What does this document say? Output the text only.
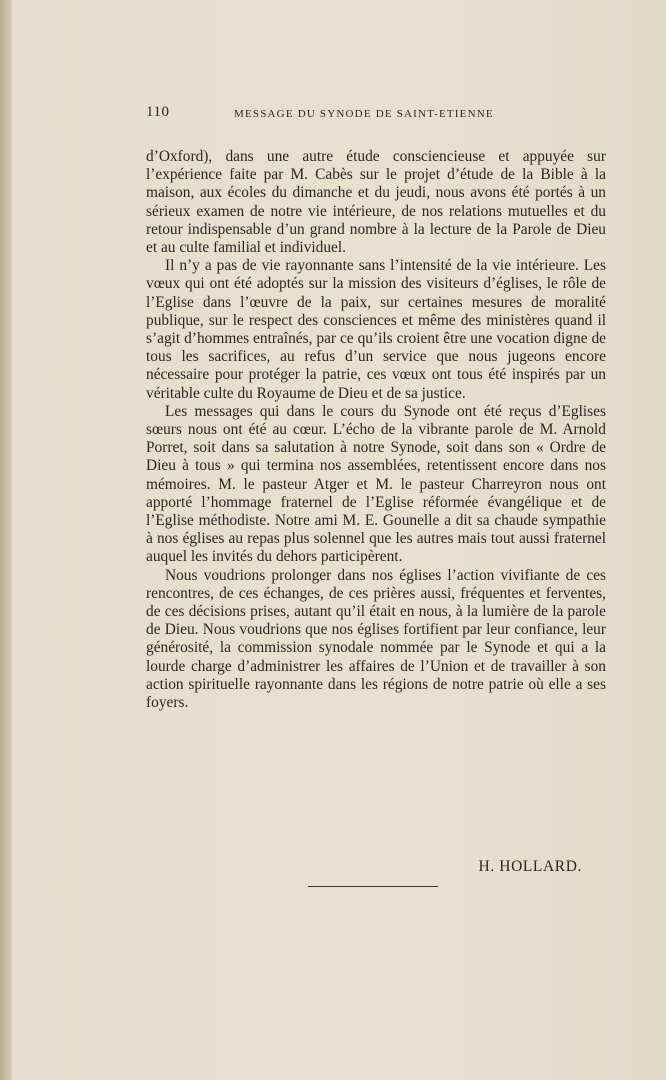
110	MESSAGE DU SYNODE DE SAINT-ETIENNE

d’Oxford), dans une autre étude consciencieuse et appuyée sur l’expérience faite par M. Cabès sur le projet d’étude de la Bible à la maison, aux écoles du dimanche et du jeudi, nous avons été portés à un sérieux examen de notre vie intérieure, de nos relations mutuelles et du retour indispensable d’un grand nombre à la lecture de la Parole de Dieu et au culte familial et individuel.

Il n’y a pas de vie rayonnante sans l’intensité de la vie intérieure. Les vœux qui ont été adoptés sur la mission des visiteurs d’églises, le rôle de l’Eglise dans l’œuvre de la paix, sur certaines mesures de moralité publique, sur le respect des consciences et même des ministères quand il s’agit d’hommes entraînés, par ce qu’ils croient être une vocation digne de tous les sacrifices, au refus d’un service que nous jugeons encore nécessaire pour protéger la patrie, ces vœux ont tous été inspirés par un véritable culte du Royaume de Dieu et de sa justice.

Les messages qui dans le cours du Synode ont été reçus d’Eglises sœurs nous ont été au cœur. L’écho de la vibrante parole de M. Arnold Porret, soit dans sa salutation à notre Synode, soit dans son « Ordre de Dieu à tous » qui termina nos assemblées, retentissent encore dans nos mémoires. M. le pasteur Atger et M. le pasteur Charreyron nous ont apporté l’hommage fraternel de l’Eglise réformée évangélique et de l’Eglise méthodiste. Notre ami M. E. Gounelle a dit sa chaude sympathie à nos églises au repas plus solennel que les autres mais tout aussi fraternel auquel les invités du dehors participèrent.

Nous voudrions prolonger dans nos églises l’action vivifiante de ces rencontres, de ces échanges, de ces prières aussi, fréquentes et ferventes, de ces décisions prises, autant qu’il était en nous, à la lumière de la parole de Dieu. Nous voudrions que nos églises fortifient par leur confiance, leur générosité, la commission synodale nommée par le Synode et qui a la lourde charge d’administrer les affaires de l’Union et de travailler à son action spirituelle rayonnante dans les régions de notre patrie où elle a ses foyers.

H. HOLLARD.
